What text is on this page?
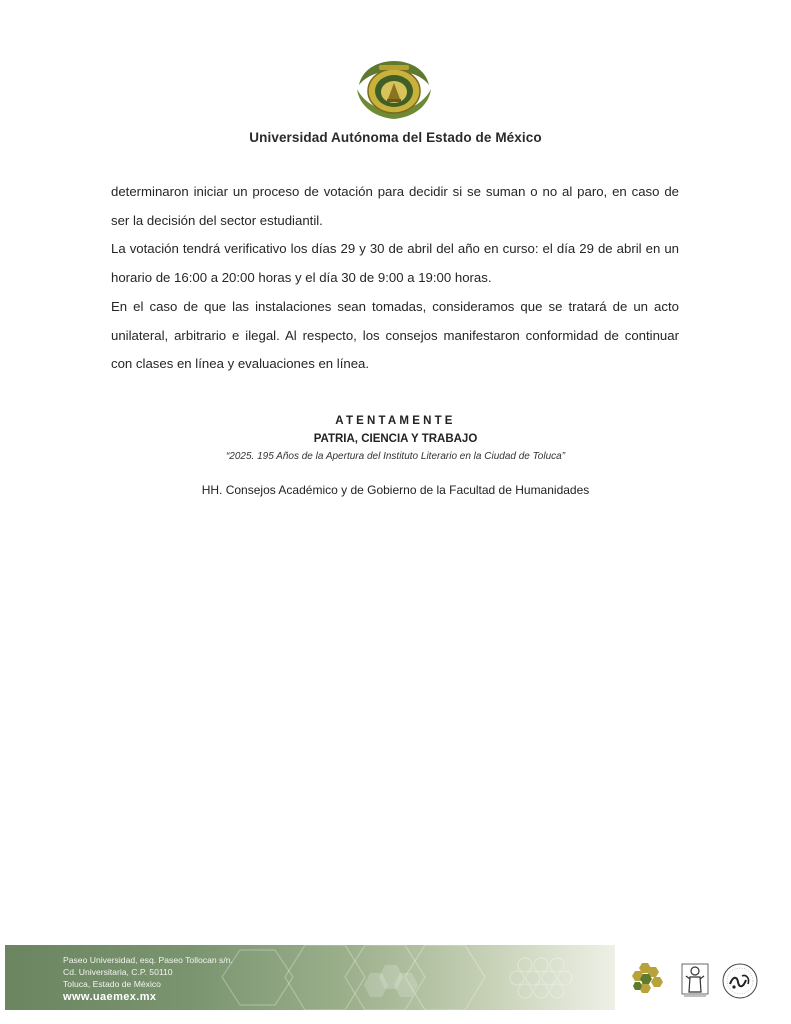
Universidad Autónoma del Estado de México

determinaron iniciar un proceso de votación para decidir si se suman o no al paro, en caso de ser la decisión del sector estudiantil.

La votación tendrá verificativo los días 29 y 30 de abril del año en curso: el día 29 de abril en un horario de 16:00 a 20:00 horas y el día 30 de 9:00 a 19:00 horas.

En el caso de que las instalaciones sean tomadas, consideramos que se tratará de un acto unilateral, arbitrario e ilegal. Al respecto, los consejos manifestaron conformidad de continuar con clases en línea y evaluaciones en línea.

ATENTAMENTE
PATRIA, CIENCIA Y TRABAJO
“2025. 195 Años de la Apertura del Instituto Literario en la Ciudad de Toluca”
HH. Consejos Académico y de Gobierno de la Facultad de Humanidades
Paseo Universidad, esq. Paseo Tollocan s/n.
Cd. Universitaria, C.P. 50110
Toluca, Estado de México
www.uaemex.mx
